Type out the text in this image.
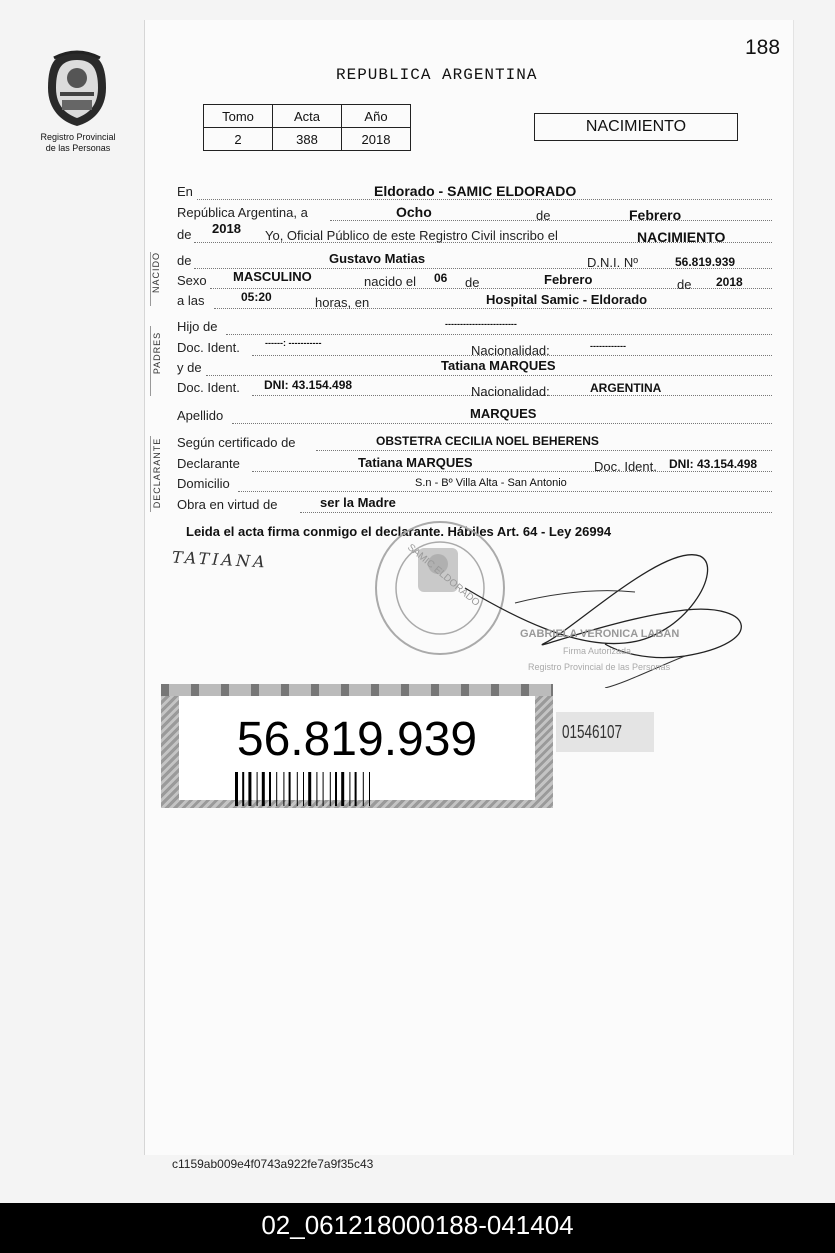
188
Registro Provincial
de las Personas
REPUBLICA ARGENTINA
Tomo	Acta	Año
2	388	2018
NACIMIENTO
NACIDO
PADRES
DECLARANTE
En	Eldorado - SAMIC ELDORADO
República Argentina, a	Ocho	de	Febrero
de 2018 Yo, Oficial Público de este Registro Civil inscribo el	NACIMIENTO
de	Gustavo Matias	D.N.I. Nº	56.819.939
Sexo MASCULINO	nacido el 06 de	Febrero	de 2018
a las	05:20	horas, en	Hospital Samic - Eldorado
Hijo de	------------------------
Doc. Ident.	------: -----------	Nacionalidad:	------------
y de	Tatiana MARQUES
Doc. Ident. DNI: 43.154.498	Nacionalidad:	ARGENTINA
Apellido	MARQUES
Según certificado de	OBSTETRA CECILIA NOEL BEHERENS
Declarante	Tatiana MARQUES	Doc. Ident. DNI: 43.154.498
Domicilio	S.n - Bº Villa Alta - San Antonio
Obra en virtud de	ser la Madre
Leida el acta firma conmigo el declarante. Hábiles Art. 64 - Ley 26994
TATIANA	SAMIC ELDORADO
GABRIELA VERONICA LABAN
Firma Autorizada
Registro Provincial de las Personas
56.819.939	01546107
c1159ab009e4f0743a922fe7a9f35c43
02_061218000188-041404
